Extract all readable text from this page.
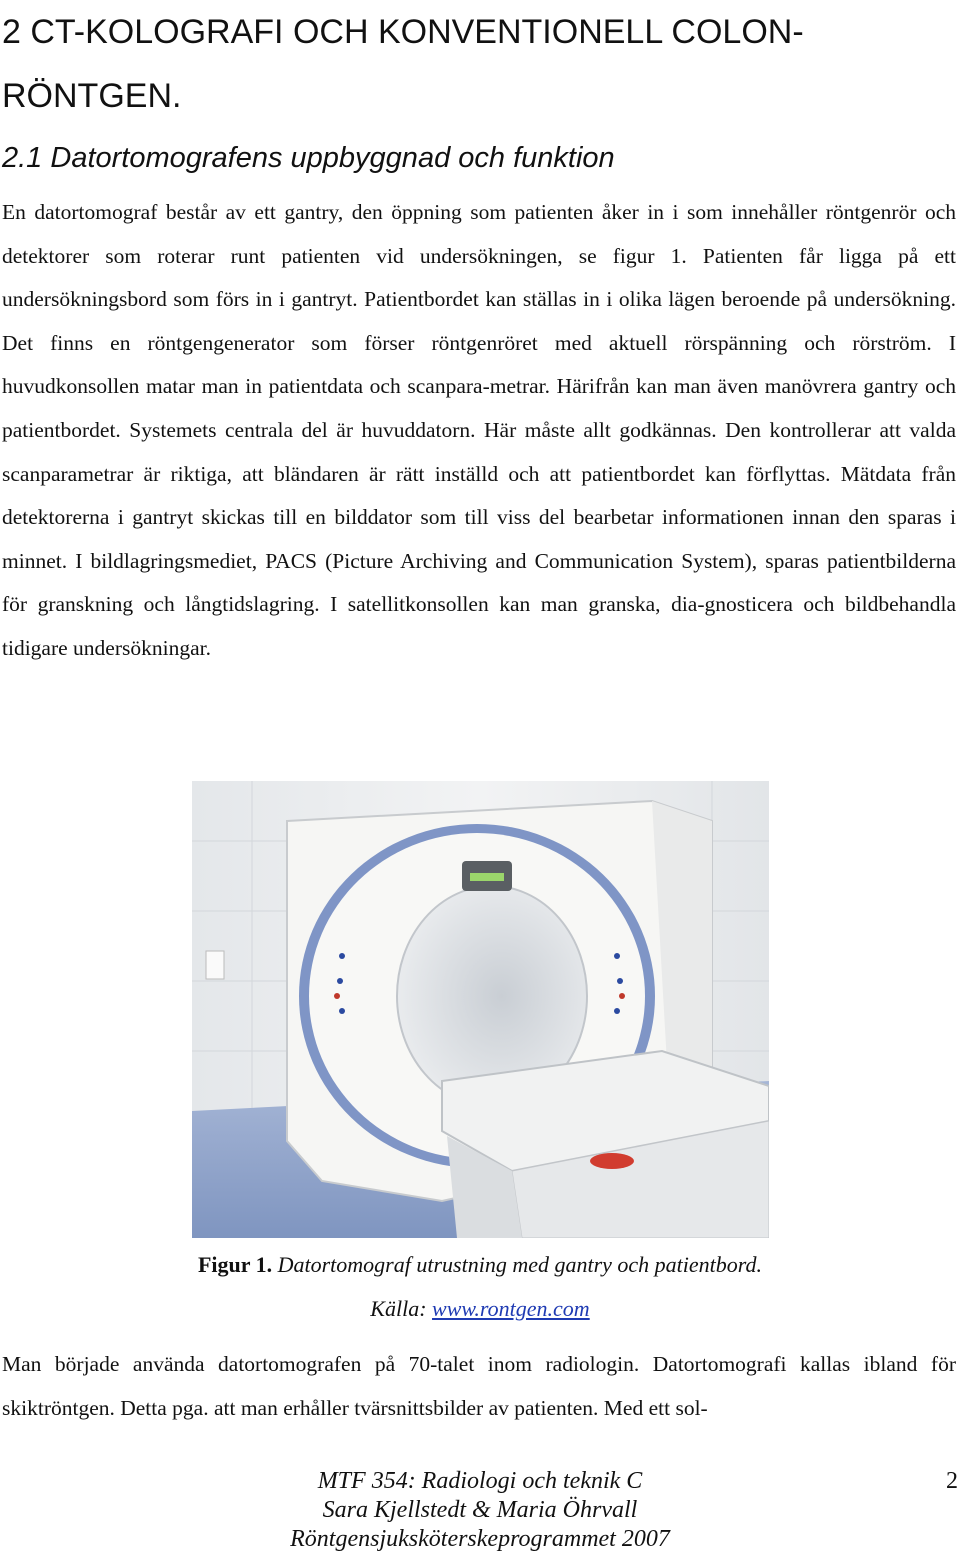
2 CT-KOLOGRAFI OCH KONVENTIONELL COLON-RÖNTGEN.
2.1 Datortomografens uppbyggnad och funktion

En datortomograf består av ett gantry, den öppning som patienten åker in i som innehåller röntgenrör och detektorer som roterar runt patienten vid undersökningen, se figur 1. Patienten får ligga på ett undersökningsbord som förs in i gantryt. Patientbordet kan ställas in i olika lägen beroende på undersökning. Det finns en röntgengenerator som förser röntgenröret med aktuell rörspänning och rörström. I huvudkonsollen matar man in patientdata och scanpara-metrar. Härifrån kan man även manövrera gantry och patientbordet. Systemets centrala del är huvuddatorn. Här måste allt godkännas. Den kontrollerar att valda scanparametrar är riktiga, att bländaren är rätt inställd och att patientbordet kan förflyttas. Mätdata från detektorerna i gantryt skickas till en bilddator som till viss del bearbetar informationen innan den sparas i minnet. I bildlagringsmediet, PACS (Picture Archiving and Communication System), sparas patientbilderna för granskning och långtidslagring. I satellitkonsollen kan man granska, dia-gnosticera och bildbehandla tidigare undersökningar.

Figur 1. Datortomograf utrustning med gantry och patientbord.
Källa: www.rontgen.com

Man började använda datortomografen på 70-talet inom radiologin. Datortomografi kallas ibland för skiktröntgen. Detta pga. att man erhåller tvärsnittsbilder av patienten. Med ett sol-

MTF 354: Radiologi och teknik C
Sara Kjellstedt & Maria Öhrvall
Röntgensjuksköterskeprogrammet 2007
2
